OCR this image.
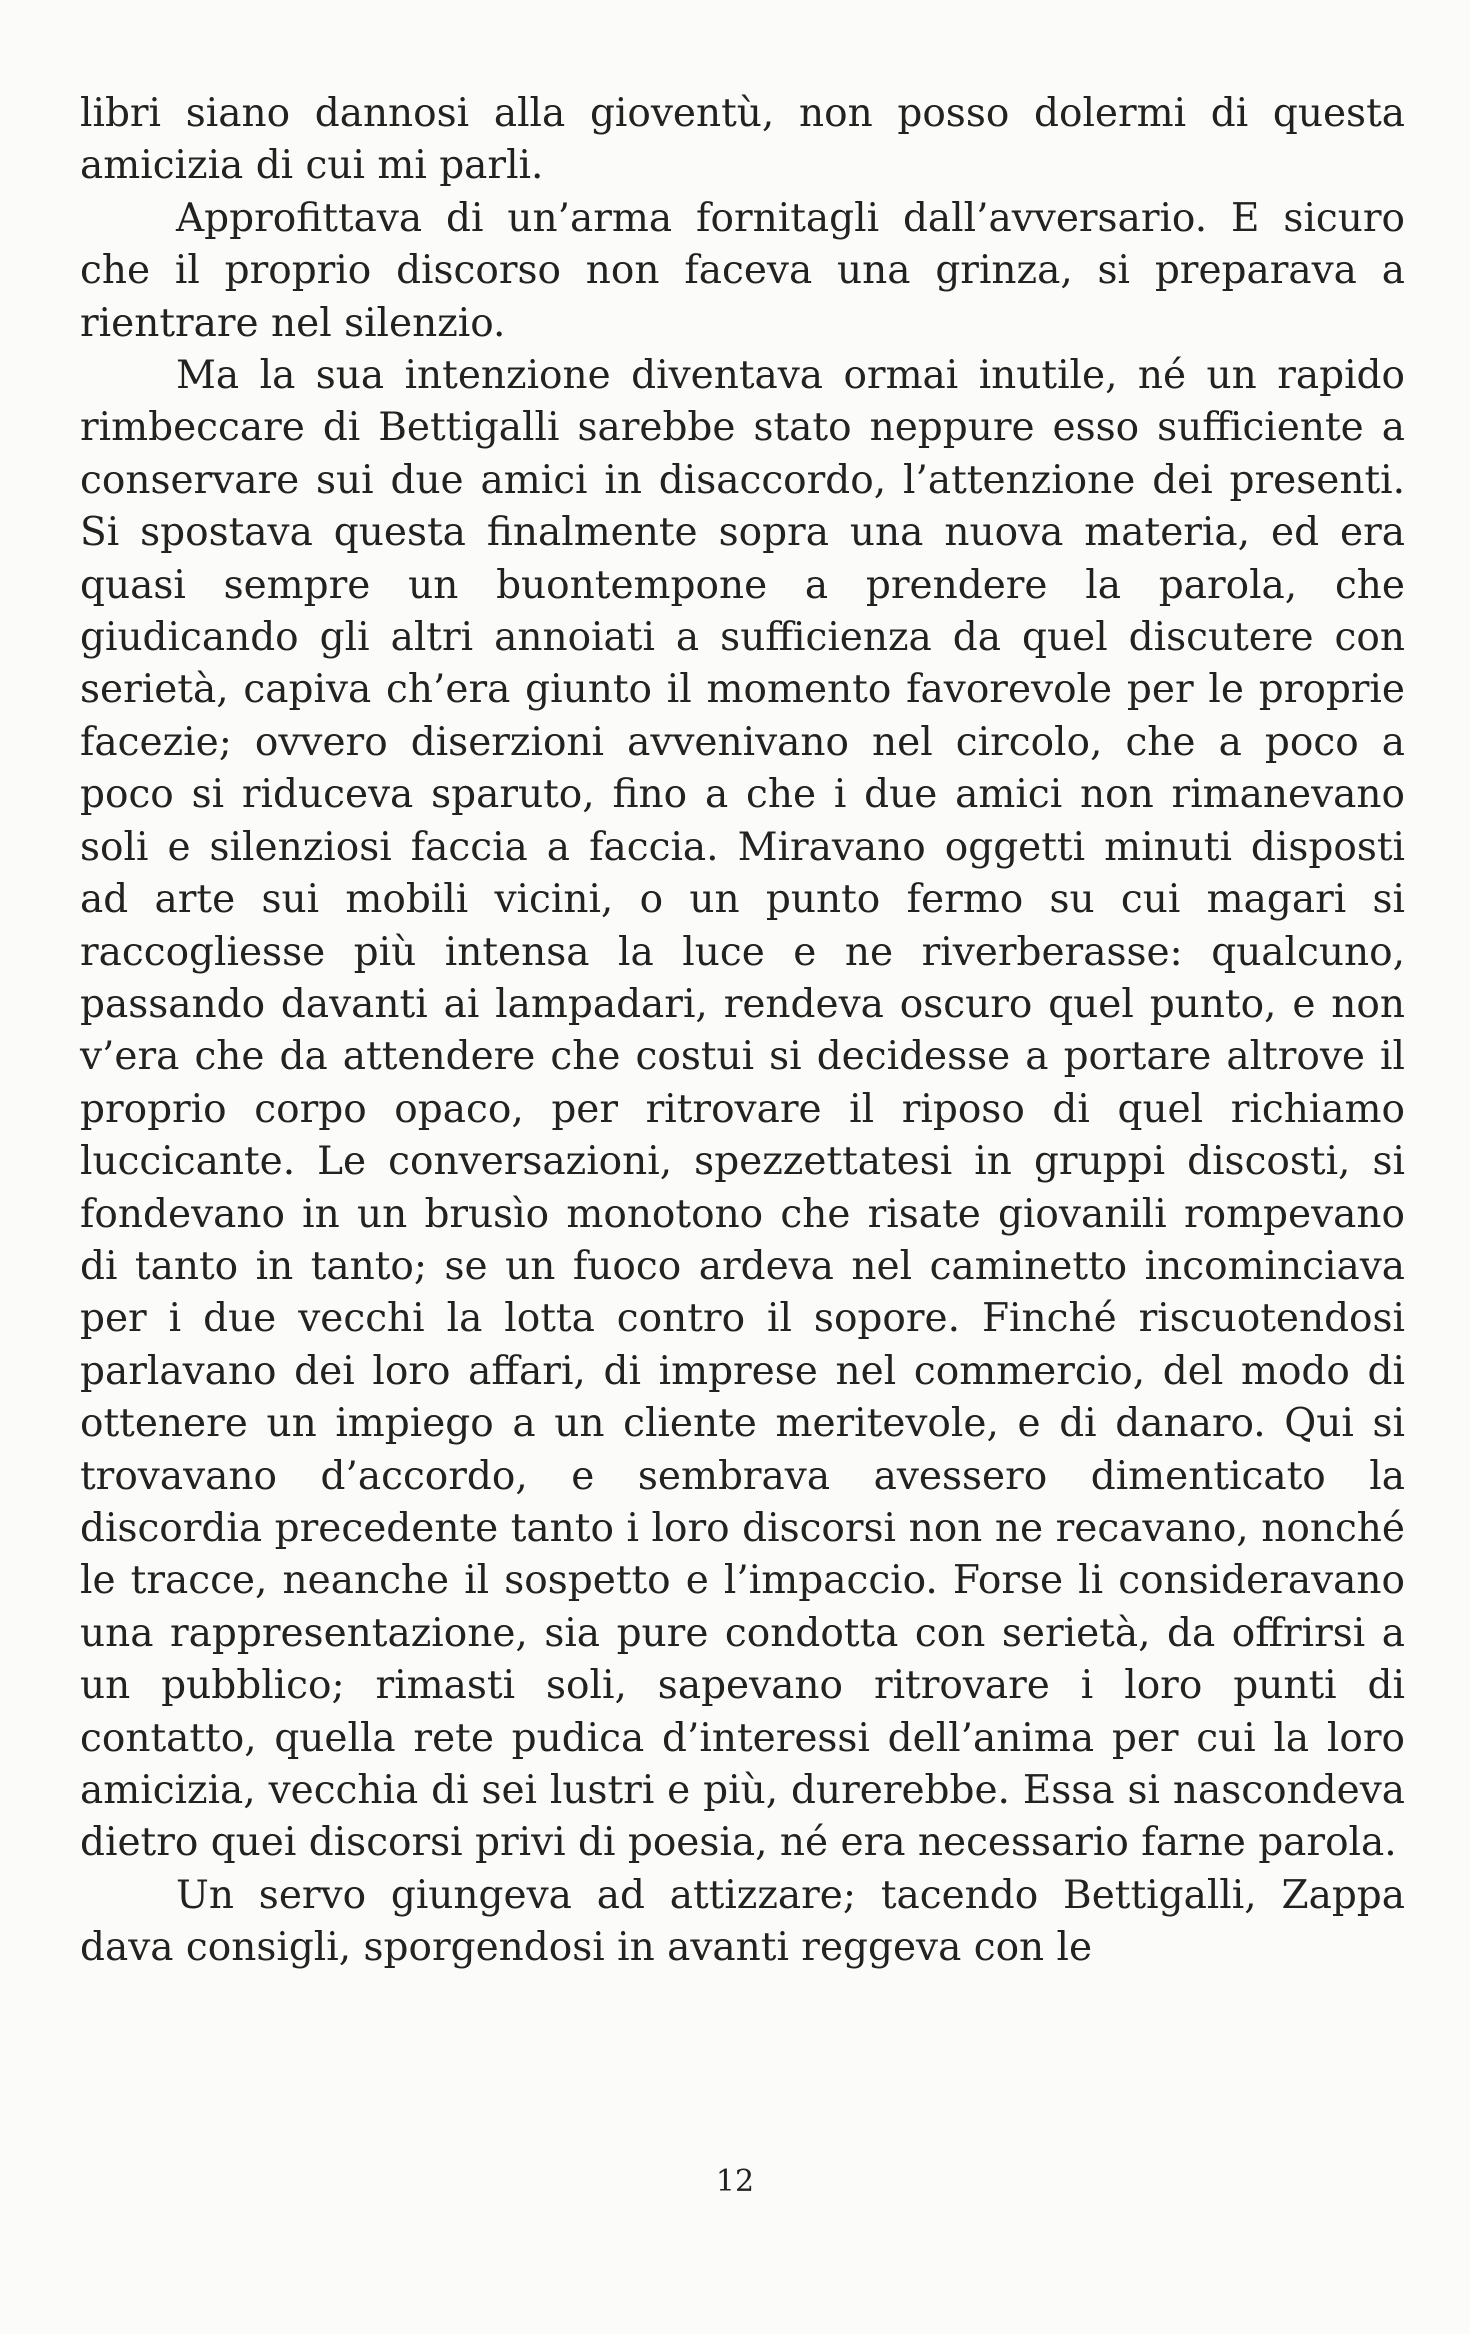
libri siano dannosi alla gioventù, non posso dolermi di questa amicizia di cui mi parli.

Approfittava di un’arma fornitagli dall’avversario. E sicuro che il proprio discorso non faceva una grinza, si preparava a rientrare nel silenzio.

Ma la sua intenzione diventava ormai inutile, né un rapido rimbeccare di Bettigalli sarebbe stato neppure esso sufficiente a conservare sui due amici in disaccordo, l’attenzione dei presenti. Si spostava questa finalmente sopra una nuova materia, ed era quasi sempre un buontempone a prendere la parola, che giudicando gli altri annoiati a sufficienza da quel discutere con serietà, capiva ch’era giunto il momento favorevole per le proprie facezie; ovvero diserzioni avvenivano nel circolo, che a poco a poco si riduceva sparuto, fino a che i due amici non rimanevano soli e silenziosi faccia a faccia. Miravano oggetti minuti disposti ad arte sui mobili vicini, o un punto fermo su cui magari si raccogliesse più intensa la luce e ne riverberasse: qualcuno, passando davanti ai lampadari, rendeva oscuro quel punto, e non v’era che da attendere che costui si decidesse a portare altrove il proprio corpo opaco, per ritrovare il riposo di quel richiamo luccicante. Le conversazioni, spezzettatesi in gruppi discosti, si fondevano in un brusìo monotono che risate giovanili rompevano di tanto in tanto; se un fuoco ardeva nel caminetto incominciava per i due vecchi la lotta contro il sopore. Finché riscuotendosi parlavano dei loro affari, di imprese nel commercio, del modo di ottenere un impiego a un cliente meritevole, e di danaro. Qui si trovavano d’accordo, e sembrava avessero dimenticato la discordia precedente tanto i loro discorsi non ne recavano, nonché le tracce, neanche il sospetto e l’impaccio. Forse li consideravano una rappresentazione, sia pure condotta con serietà, da offrirsi a un pubblico; rimasti soli, sapevano ritrovare i loro punti di contatto, quella rete pudica d’interessi dell’anima per cui la loro amicizia, vecchia di sei lustri e più, durerebbe. Essa si nascondeva dietro quei discorsi privi di poesia, né era necessario farne parola.

Un servo giungeva ad attizzare; tacendo Bettigalli, Zappa dava consigli, sporgendosi in avanti reggeva con le

12
